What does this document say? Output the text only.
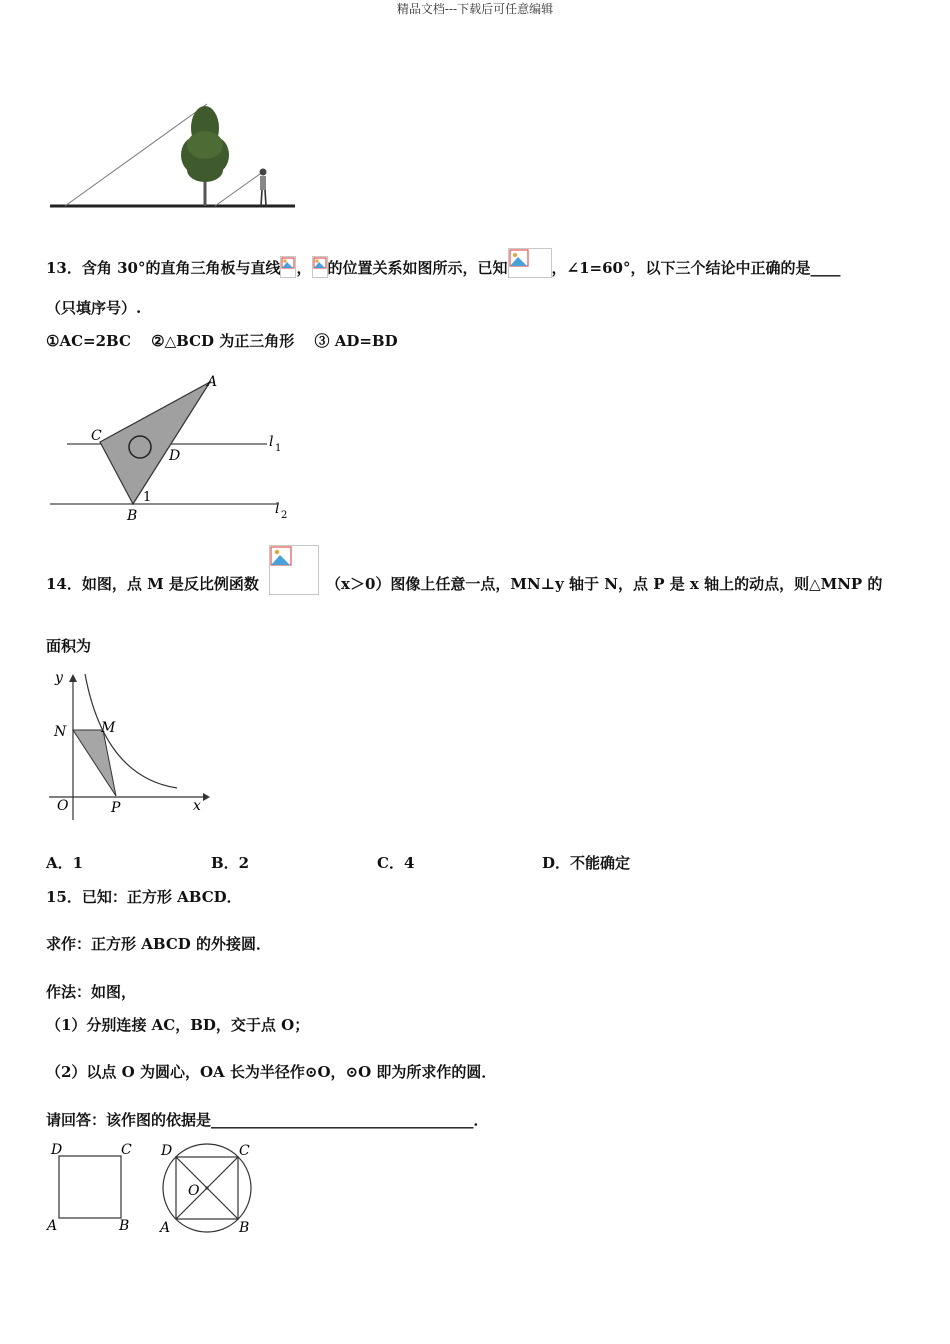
精品文档---下载后可任意编辑
13．含角 30°的直角三角板与直线 ， 的位置关系如图所示，已知	，∠1=60°，以下三个结论中正确的是____
（只填序号）.
①AC=2BC　 ②△BCD 为正三角形　 ③ AD=BD
A
C
D
1
B
l 1
l 2
14．如图，点 M 是反比例函数	（x＞0）图像上任意一点，MN⊥y 轴于 N，点 P 是 x 轴上的动点，则△MNP 的
面积为
y
x
N M
O	P
A．1	B．2	C．4	D．不能确定
15．已知：正方形 ABCD．
求作：正方形 ABCD 的外接圆．
作法：如图，
（1）分别连接 AC，BD，交于点 O；
（2）以点 O 为圆心，OA 长为半径作⊙O，⊙O 即为所求作的圆．
请回答：该作图的依据是___________________________________．
D	C
A	B
D	C
O
A	B
